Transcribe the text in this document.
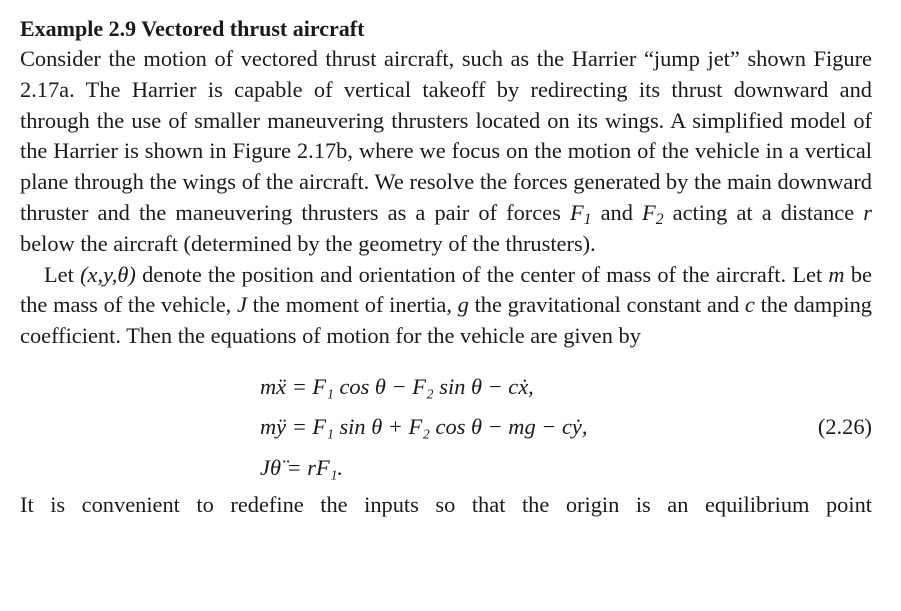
Example 2.9 Vectored thrust aircraft

Consider the motion of vectored thrust aircraft, such as the Harrier “jump jet” shown Figure 2.17a. The Harrier is capable of vertical takeoff by redirecting its thrust downward and through the use of smaller maneuvering thrusters located on its wings. A simplified model of the Harrier is shown in Figure 2.17b, where we focus on the motion of the vehicle in a vertical plane through the wings of the aircraft. We resolve the forces generated by the main downward thruster and the maneuvering thrusters as a pair of forces $F_1$ and $F_2$ acting at a distance r below the aircraft (determined by the geometry of the thrusters).

Let (x,y,θ) denote the position and orientation of the center of mass of the aircraft. Let m be the mass of the vehicle, J the moment of inertia, g the gravitational constant and c the damping coefficient. Then the equations of motion for the vehicle are given by

mẍ = F₁ cos θ − F₂ sin θ − cẋ,
mÿ = F₁ sin θ + F₂ cos θ − mg − cẏ,
Jθ̈ = rF₁.
(2.26)

It is convenient to redefine the inputs so that the origin is an equilibrium point
